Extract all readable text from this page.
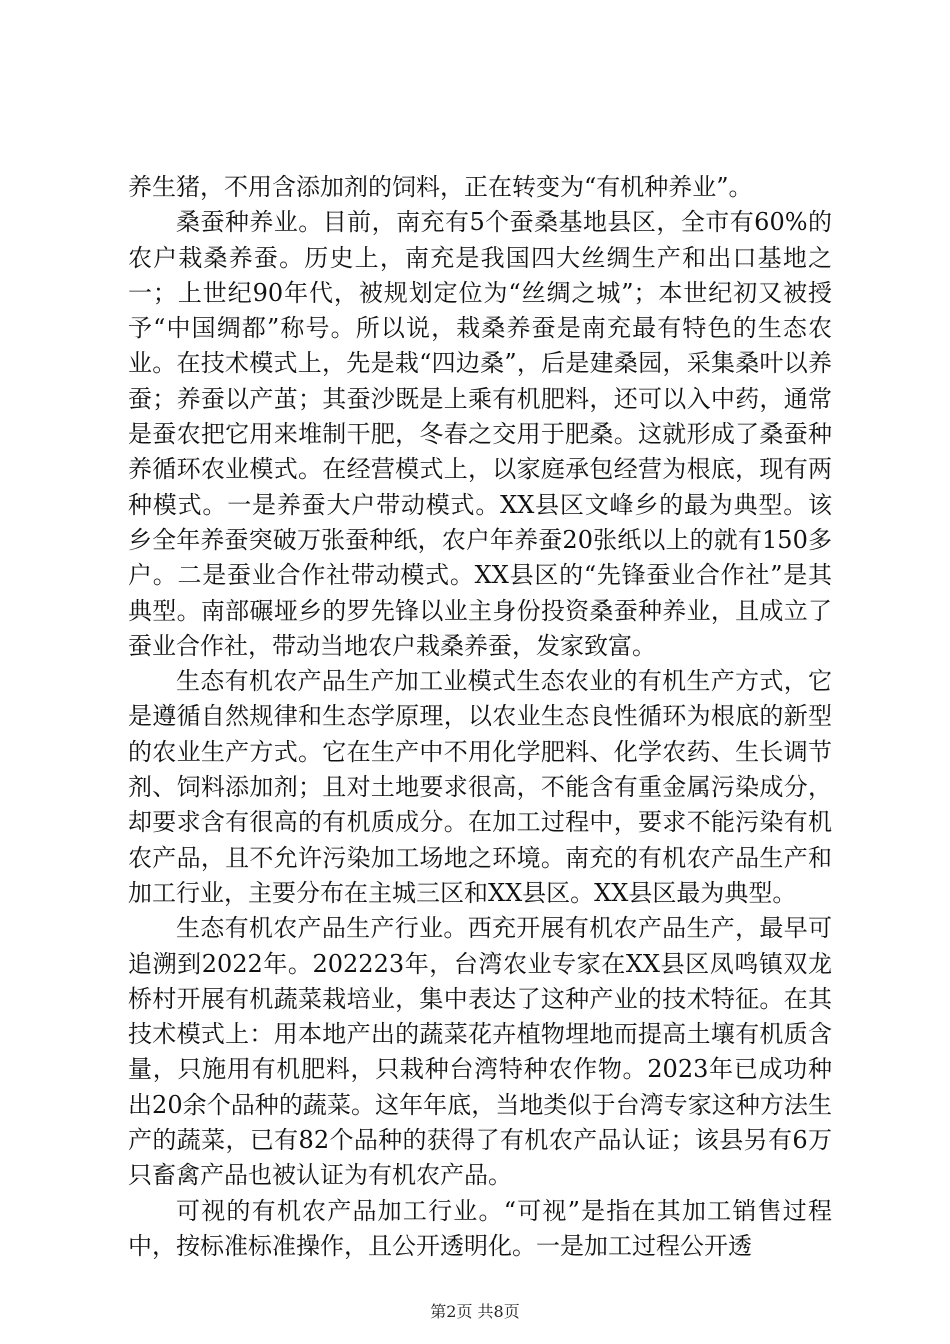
养生猪，不用含添加剂的饲料，正在转变为“有机种养业”。

桑蚕种养业。目前，南充有5个蚕桑基地县区，全市有60%的农户栽桑养蚕。历史上，南充是我国四大丝绸生产和出口基地之一；上世纪90年代，被规划定位为“丝绸之城”；本世纪初又被授予“中国绸都”称号。所以说，栽桑养蚕是南充最有特色的生态农业。在技术模式上，先是栽“四边桑”，后是建桑园，采集桑叶以养蚕；养蚕以产茧；其蚕沙既是上乘有机肥料，还可以入中药，通常是蚕农把它用来堆制干肥，冬春之交用于肥桑。这就形成了桑蚕种养循环农业模式。在经营模式上，以家庭承包经营为根底，现有两种模式。一是养蚕大户带动模式。XX县区文峰乡的最为典型。该乡全年养蚕突破万张蚕种纸，农户年养蚕20张纸以上的就有150多户。二是蚕业合作社带动模式。XX县区的“先锋蚕业合作社”是其典型。南部碾垭乡的罗先锋以业主身份投资桑蚕种养业，且成立了蚕业合作社，带动当地农户栽桑养蚕，发家致富。

生态有机农产品生产加工业模式生态农业的有机生产方式，它是遵循自然规律和生态学原理，以农业生态良性循环为根底的新型的农业生产方式。它在生产中不用化学肥料、化学农药、生长调节剂、饲料添加剂；且对土地要求很高，不能含有重金属污染成分，却要求含有很高的有机质成分。在加工过程中，要求不能污染有机农产品，且不允许污染加工场地之环境。南充的有机农产品生产和加工行业，主要分布在主城三区和XX县区。XX县区最为典型。

生态有机农产品生产行业。西充开展有机农产品生产，最早可追溯到2022年。202223年，台湾农业专家在XX县区凤鸣镇双龙桥村开展有机蔬菜栽培业，集中表达了这种产业的技术特征。在其技术模式上：用本地产出的蔬菜花卉植物埋地而提高土壤有机质含量，只施用有机肥料，只栽种台湾特种农作物。2023年已成功种出20余个品种的蔬菜。这年年底，当地类似于台湾专家这种方法生产的蔬菜，已有82个品种的获得了有机农产品认证；该县另有6万只畜禽产品也被认证为有机农产品。

可视的有机农产品加工行业。“可视”是指在其加工销售过程中，按标准标准操作，且公开透明化。一是加工过程公开透

第2页 共8页
